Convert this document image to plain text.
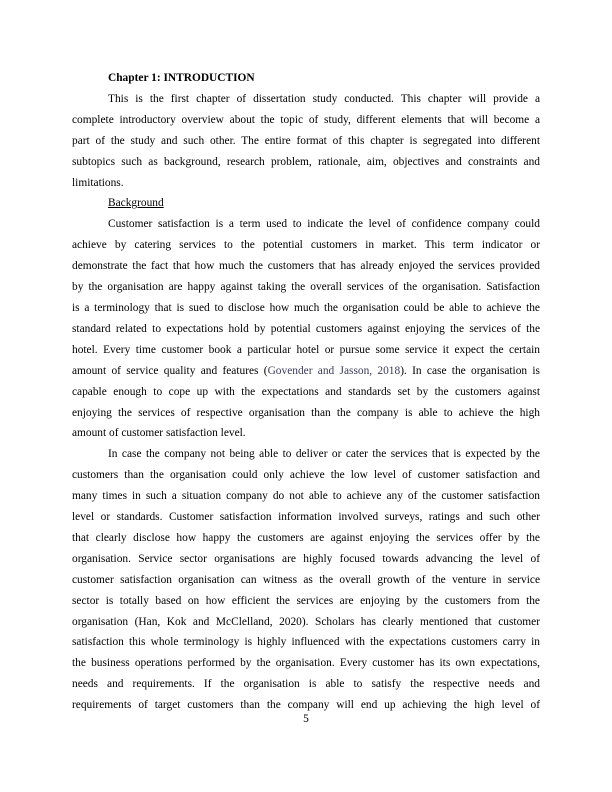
Chapter 1: INTRODUCTION

This is the first chapter of dissertation study conducted. This chapter will provide a
complete introductory overview about the topic of study, different elements that will become a
part of the study and such other. The entire format of this chapter is segregated into different
subtopics such as background, research problem, rationale, aim, objectives and constraints and
limitations.

Background

Customer satisfaction is a term used to indicate the level of confidence company could
achieve by catering services to the potential customers in market. This term indicator or
demonstrate the fact that how much the customers that has already enjoyed the services provided
by the organisation are happy against taking the overall services of the organisation. Satisfaction
is a terminology that is sued to disclose how much the organisation could be able to achieve the
standard related to expectations hold by potential customers against enjoying the services of the
hotel. Every time customer book a particular hotel or pursue some service it expect the certain
amount of service quality and features (Govender and Jasson, 2018). In case the organisation is
capable enough to cope up with the expectations and standards set by the customers against
enjoying the services of respective organisation than the company is able to achieve the high
amount of customer satisfaction level.

In case the company not being able to deliver or cater the services that is expected by the
customers than the organisation could only achieve the low level of customer satisfaction and
many times in such a situation company do not able to achieve any of the customer satisfaction
level or standards. Customer satisfaction information involved surveys, ratings and such other
that clearly disclose how happy the customers are against enjoying the services offer by the
organisation. Service sector organisations are highly focused towards advancing the level of
customer satisfaction organisation can witness as the overall growth of the venture in service
sector is totally based on how efficient the services are enjoying by the customers from the
organisation (Han, Kok and McClelland, 2020). Scholars has clearly mentioned that customer
satisfaction this whole terminology is highly influenced with the expectations customers carry in
the business operations performed by the organisation. Every customer has its own expectations,
needs and requirements. If the organisation is able to satisfy the respective needs and
requirements of target customers than the company will end up achieving the high level of

5
